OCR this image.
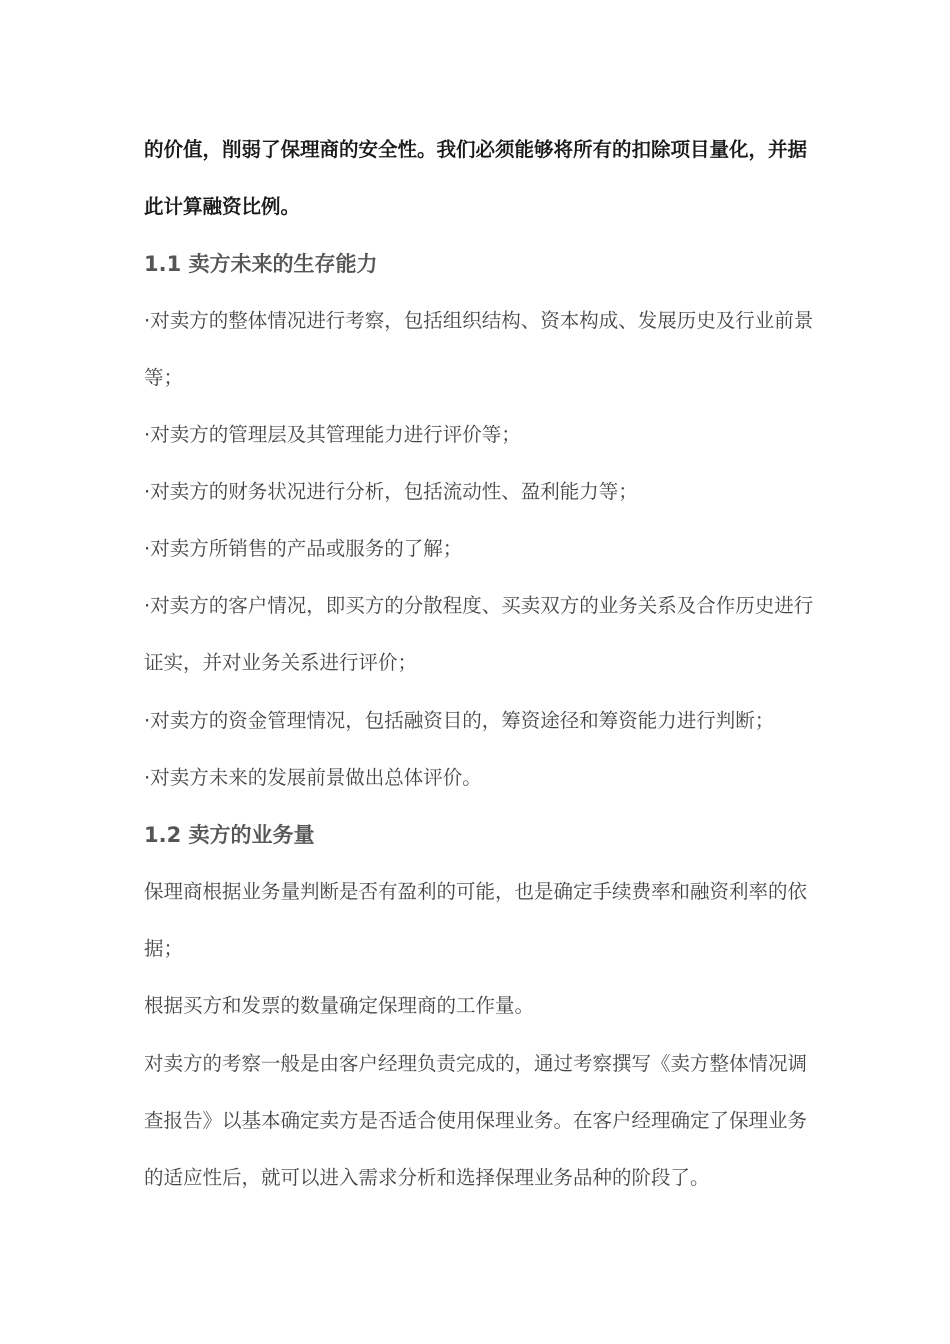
的价值，削弱了保理商的安全性。我们必须能够将所有的扣除项目量化，并据
此计算融资比例。
1.1 卖方未来的生存能力
·对卖方的整体情况进行考察，包括组织结构、资本构成、发展历史及行业前景
等；
·对卖方的管理层及其管理能力进行评价等；
·对卖方的财务状况进行分析，包括流动性、盈利能力等；
·对卖方所销售的产品或服务的了解；
·对卖方的客户情况，即买方的分散程度、买卖双方的业务关系及合作历史进行
证实，并对业务关系进行评价；
·对卖方的资金管理情况，包括融资目的，筹资途径和筹资能力进行判断；
·对卖方未来的发展前景做出总体评价。
1.2 卖方的业务量
保理商根据业务量判断是否有盈利的可能，也是确定手续费率和融资利率的依
据；
根据买方和发票的数量确定保理商的工作量。
对卖方的考察一般是由客户经理负责完成的，通过考察撰写《卖方整体情况调
查报告》以基本确定卖方是否适合使用保理业务。在客户经理确定了保理业务
的适应性后，就可以进入需求分析和选择保理业务品种的阶段了。
